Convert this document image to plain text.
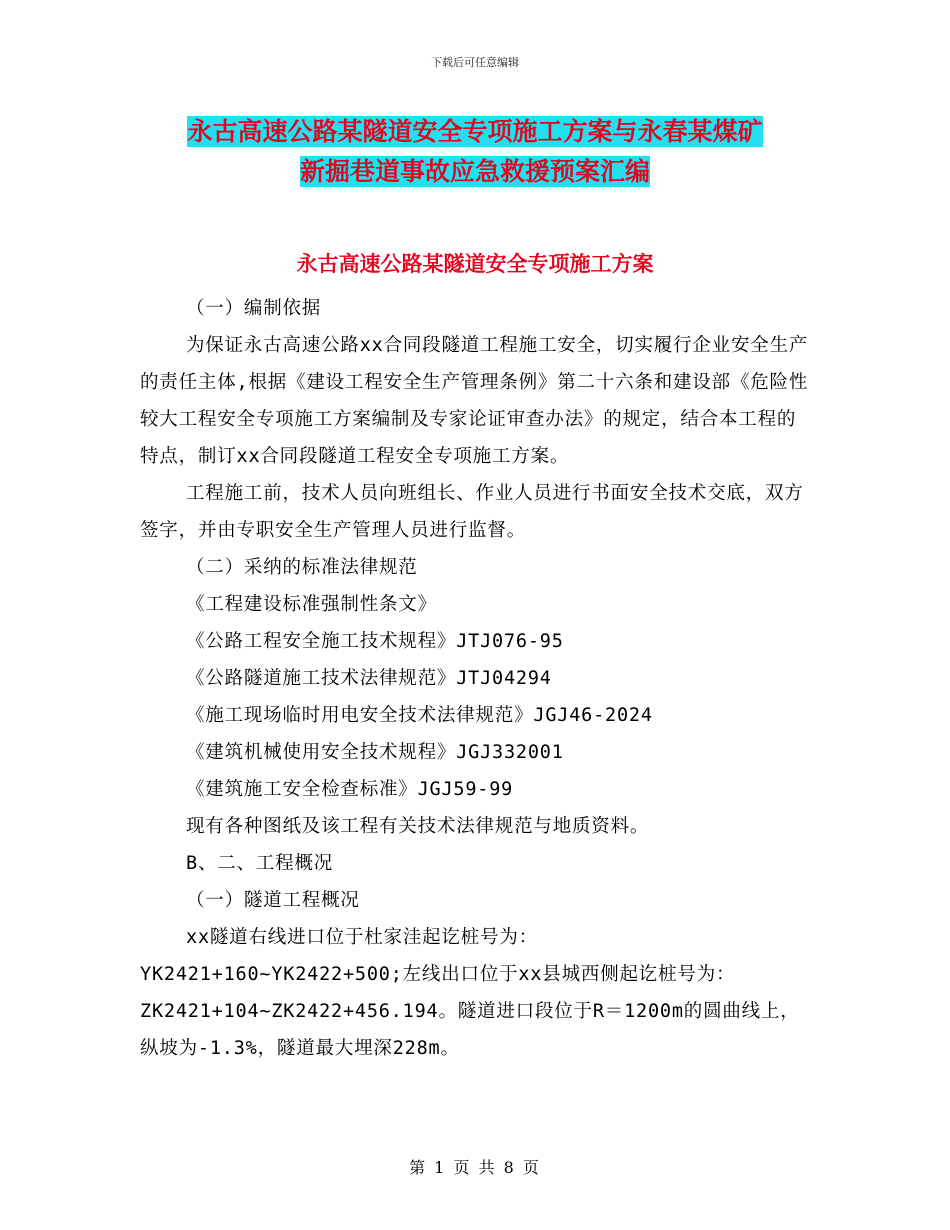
下载后可任意编辑
永古高速公路某隧道安全专项施工方案与永春某煤矿
新掘巷道事故应急救援预案汇编
永古高速公路某隧道安全专项施工方案

（一）编制依据

为保证永古高速公路xx合同段隧道工程施工安全，切实履行企业安全生产的责任主体,根据《建设工程安全生产管理条例》第二十六条和建设部《危险性较大工程安全专项施工方案编制及专家论证审查办法》的规定，结合本工程的特点，制订xx合同段隧道工程安全专项施工方案。

工程施工前，技术人员向班组长、作业人员进行书面安全技术交底，双方签字，并由专职安全生产管理人员进行监督。

（二）采纳的标准法律规范

《工程建设标准强制性条文》

《公路工程安全施工技术规程》JTJ076-95

《公路隧道施工技术法律规范》JTJ04294

《施工现场临时用电安全技术法律规范》JGJ46-2024

《建筑机械使用安全技术规程》JGJ332001

《建筑施工安全检查标准》JGJ59-99

现有各种图纸及该工程有关技术法律规范与地质资料。

B、二、工程概况

（一）隧道工程概况

xx隧道右线进口位于杜家洼起讫桩号为：

YK2421+160~YK2422+500;左线出口位于xx县城西侧起讫桩号为：

ZK2421+104~ZK2422+456.194。隧道进口段位于R＝1200m的圆曲线上，纵坡为-1.3%，隧道最大埋深228m。

第 1 页 共 8 页
